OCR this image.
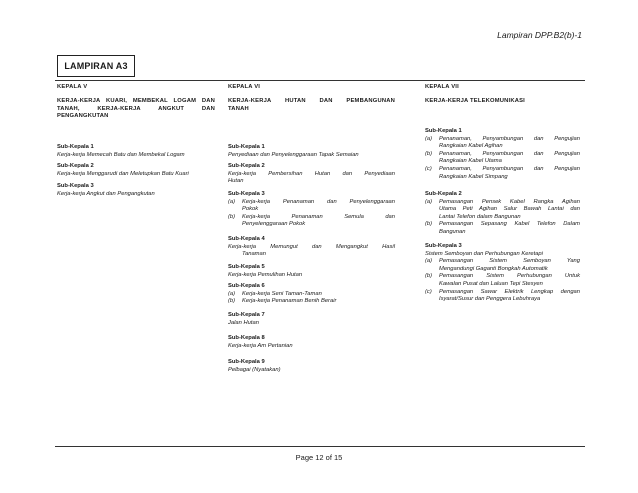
Lampiran DPP.B2(b)-1
LAMPIRAN A3
KEPALA V
KERJA-KERJA KUARI, MEMBEKAL LOGAM DAN
TANAH, KERJA-KERJA ANGKUT DAN
PENGANGKUTAN
Sub-Kepala 1
Kerja-kerja Memecah Batu dan Membekal Logam
Sub-Kepala 2
Kerja-kerja Menggarudi dan Meletupkan Batu Kuari
Sub-Kepala 3
Kerja-kerja Angkut dan Pengangkutan
KEPALA VI
KERJA-KERJA HUTAN DAN PEMBANGUNAN
TANAH
Sub-Kepala 1
Penyediaan dan Penyelenggaraan Tapak Semaian
Sub-Kepala 2
Kerja-kerja Pembersihan Hutan dan Penyediaan
Hutan
Sub-Kepala 3
(a)	Kerja-kerja Penanaman dan Penyelenggaraan
Pokok
(b)	Kerja-kerja Penanaman Semula dan
Penyelenggaraan Pokok
Sub-Kepala 4
Kerja-kerja Memungut dan Mengangkut Hasil
Tanaman
Sub-Kepala 5
Kerja-kerja Pemulihan Hutan
Sub-Kepala 6
(a)	Kerja-kerja Seni Taman-Taman
(b)	Kerja-kerja Penanaman Benih Berair
Sub-Kepala 7
Jalan Hutan
Sub-Kepala 8
Kerja-kerja Am Pertanian
Sub-Kepala 9
Pelbagai (Nyatakan)
KEPALA VII
KERJA-KERJA TELEKOMUNIKASI
Sub-Kepala 1
(a)	Penanaman, Penyambungan dan Pengujian
Rangkaian Kabel Agihan
(b)	Penanaman, Penyambungan dan Pengujian
Rangkaian Kabel Utama
(c)	Penanaman, Penyambungan dan Pengujian
Rangkaian Kabel Simpang
Sub-Kepala 2
(a)	Pemasangan Pensek Kabel Rangka Agihan
Utama Peti Agihan Salur Bawah Lantai dan
Lantai Telefon dalam Bangunan
(b)	Pemasangan Sepasang Kabel Telefon Dalam
Bangunan
Sub-Kepala 3
Sistem Semboyan dan Perhubungan Keretapi
(a)	Pemasangan Sistem Semboyan Yang
Mengandungi Gaganti Bongkah Automatik
(b)	Pemasangan Sistem Perhubungan Untuk
Kawalan Pusat dan Laluan Tepi Stesyen
(c)	Pemasangan Sawar Elektrik Lengkap dengan
Isyarat/Susur dan Penggera Lebuhraya
Page 12 of 15
